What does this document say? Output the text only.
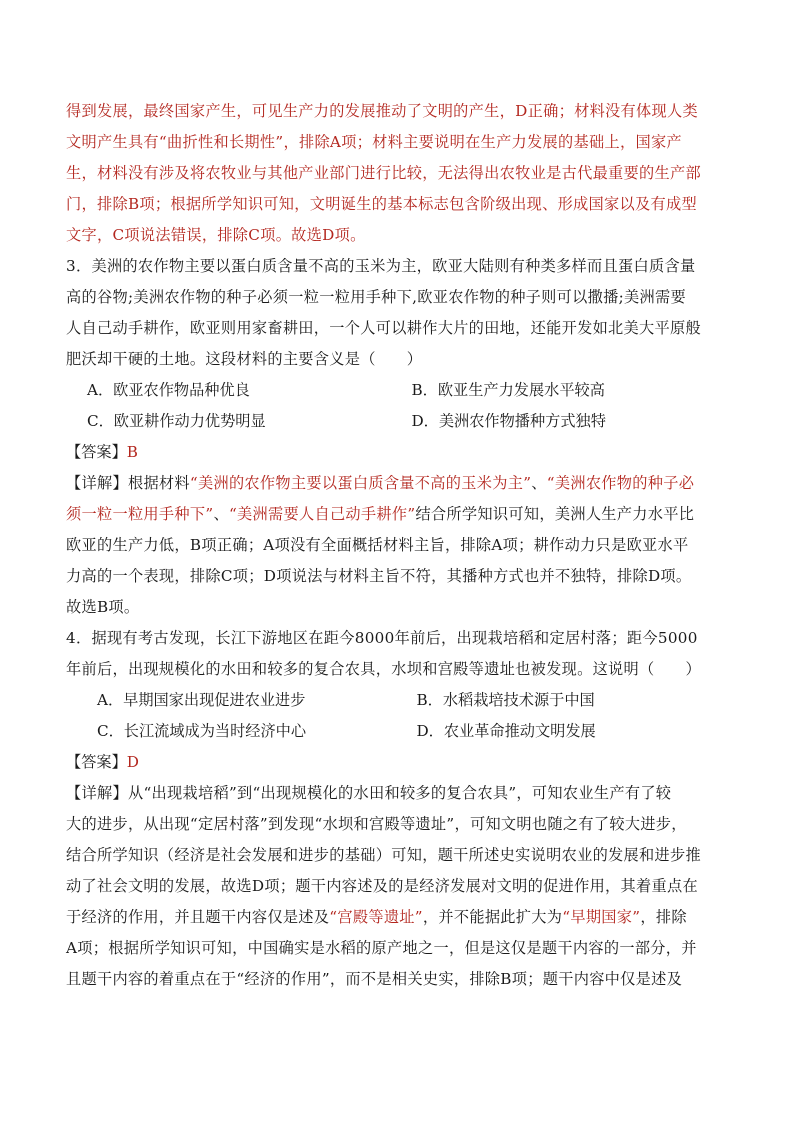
得到发展，最终国家产生，可见生产力的发展推动了文明的产生，D正确；材料没有体现人类
文明产生具有“曲折性和长期性”，排除A项；材料主要说明在生产力发展的基础上，国家产
生，材料没有涉及将农牧业与其他产业部门进行比较，无法得出农牧业是古代最重要的生产部
门，排除B项；根据所学知识可知，文明诞生的基本标志包含阶级出现、形成国家以及有成型
文字，C项说法错误，排除C项。故选D项。
3．美洲的农作物主要以蛋白质含量不高的玉米为主，欧亚大陆则有种类多样而且蛋白质含量
高的谷物;美洲农作物的种子必须一粒一粒用手种下,欧亚农作物的种子则可以撒播;美洲需要
人自己动手耕作，欧亚则用家畜耕田，一个人可以耕作大片的田地，还能开发如北美大平原般
肥沃却干硬的土地。这段材料的主要含义是（　　）
A．欧亚农作物品种优良	B．欧亚生产力发展水平较高
C．欧亚耕作动力优势明显	D．美洲农作物播种方式独特
【答案】B
【详解】根据材料“美洲的农作物主要以蛋白质含量不高的玉米为主”、“美洲农作物的种子必
须一粒一粒用手种下”、“美洲需要人自己动手耕作”结合所学知识可知，美洲人生产力水平比
欧亚的生产力低，B项正确；A项没有全面概括材料主旨，排除A项；耕作动力只是欧亚水平
力高的一个表现，排除C项；D项说法与材料主旨不符，其播种方式也并不独特，排除D项。
故选B项。
4．据现有考古发现，长江下游地区在距今8000年前后，出现栽培稻和定居村落；距今5000
年前后，出现规模化的水田和较多的复合农具，水坝和宫殿等遗址也被发现。这说明（　　）
A．早期国家出现促进农业进步	B．水稻栽培技术源于中国
C．长江流域成为当时经济中心	D．农业革命推动文明发展
【答案】D
【详解】从“出现栽培稻”到“出现规模化的水田和较多的复合农具”，可知农业生产有了较
大的进步，从出现“定居村落”到发现“水坝和宫殿等遗址”，可知文明也随之有了较大进步，
结合所学知识（经济是社会发展和进步的基础）可知，题干所述史实说明农业的发展和进步推
动了社会文明的发展，故选D项；题干内容述及的是经济发展对文明的促进作用，其着重点在
于经济的作用，并且题干内容仅是述及“宫殿等遗址”，并不能据此扩大为“早期国家”，排除
A项；根据所学知识可知，中国确实是水稻的原产地之一，但是这仅是题干内容的一部分，并
且题干内容的着重点在于“经济的作用”，而不是相关史实，排除B项；题干内容中仅是述及
